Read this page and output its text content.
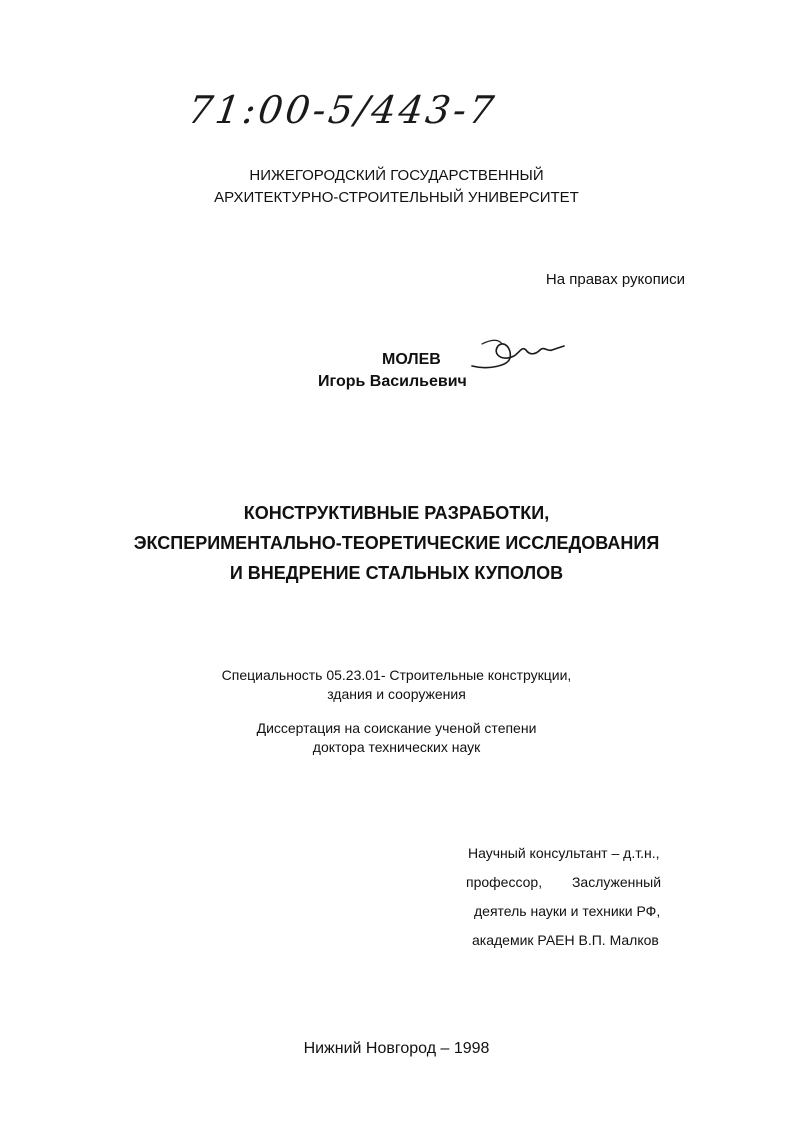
71:00-5/443-7
НИЖЕГОРОДСКИЙ ГОСУДАРСТВЕННЫЙ
АРХИТЕКТУРНО-СТРОИТЕЛЬНЫЙ УНИВЕРСИТЕТ
На правах рукописи
МОЛЕВ
Игорь Васильевич
КОНСТРУКТИВНЫЕ РАЗРАБОТКИ,
ЭКСПЕРИМЕНТАЛЬНО-ТЕОРЕТИЧЕСКИЕ ИССЛЕДОВАНИЯ
И ВНЕДРЕНИЕ СТАЛЬНЫХ КУПОЛОВ
Специальность 05.23.01- Строительные конструкции,
здания и сооружения
Диссертация на соискание ученой степени
доктора технических наук
Научный консультант – д.т.н.,
профессор, Заслуженный
деятель науки и техники РФ,
академик РАЕН В.П. Малков
Нижний Новгород – 1998
